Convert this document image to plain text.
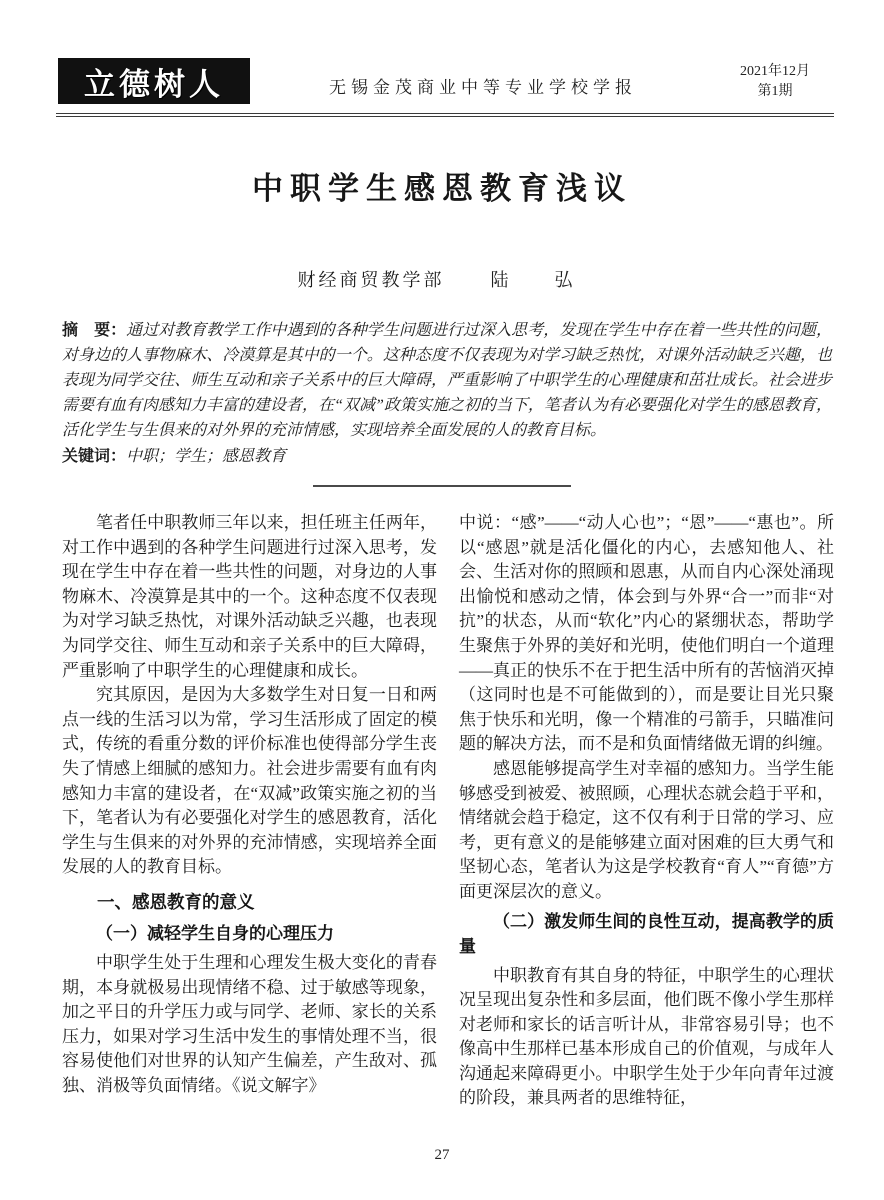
立德树人	无锡金茂商业中等专业学校学报
2021年12月
第1期
中职学生感恩教育浅议
财经商贸教学部	陆　弘

摘　要：通过对教育教学工作中遇到的各种学生问题进行过深入思考，发现在学生中存在着一些共性的问题，对身边的人事物麻木、冷漠算是其中的一个。这种态度不仅表现为对学习缺乏热忱，对课外活动缺乏兴趣，也表现为同学交往、师生互动和亲子关系中的巨大障碍，严重影响了中职学生的心理健康和茁壮成长。社会进步需要有血有肉感知力丰富的建设者，在“双减”政策实施之初的当下，笔者认为有必要强化对学生的感恩教育，活化学生与生俱来的对外界的充沛情感，实现培养全面发展的人的教育目标。

关键词：中职；学生；感恩教育

笔者任中职教师三年以来，担任班主任两年，对工作中遇到的各种学生问题进行过深入思考，发现在学生中存在着一些共性的问题，对身边的人事物麻木、冷漠算是其中的一个。这种态度不仅表现为对学习缺乏热忱，对课外活动缺乏兴趣，也表现为同学交往、师生互动和亲子关系中的巨大障碍，严重影响了中职学生的心理健康和成长。

究其原因，是因为大多数学生对日复一日和两点一线的生活习以为常，学习生活形成了固定的模式，传统的看重分数的评价标准也使得部分学生丧失了情感上细腻的感知力。社会进步需要有血有肉感知力丰富的建设者，在“双减”政策实施之初的当下，笔者认为有必要强化对学生的感恩教育，活化学生与生俱来的对外界的充沛情感，实现培养全面发展的人的教育目标。

一、感恩教育的意义
（一）减轻学生自身的心理压力

中职学生处于生理和心理发生极大变化的青春期，本身就极易出现情绪不稳、过于敏感等现象，加之平日的升学压力或与同学、老师、家长的关系压力，如果对学习生活中发生的事情处理不当，很容易使他们对世界的认知产生偏差，产生敌对、孤独、消极等负面情绪。《说文解字》

中说：“感”——“动人心也”；“恩”——“惠也”。所以“感恩”就是活化僵化的内心，去感知他人、社会、生活对你的照顾和恩惠，从而自内心深处涌现出愉悦和感动之情，体会到与外界“合一”而非“对抗”的状态，从而“软化”内心的紧绷状态，帮助学生聚焦于外界的美好和光明，使他们明白一个道理——真正的快乐不在于把生活中所有的苦恼消灭掉（这同时也是不可能做到的），而是要让目光只聚焦于快乐和光明，像一个精准的弓箭手，只瞄准问题的解决方法，而不是和负面情绪做无谓的纠缠。

感恩能够提高学生对幸福的感知力。当学生能够感受到被爱、被照顾，心理状态就会趋于平和，情绪就会趋于稳定，这不仅有利于日常的学习、应考，更有意义的是能够建立面对困难的巨大勇气和坚韧心态，笔者认为这是学校教育“育人”“育德”方面更深层次的意义。

（二）激发师生间的良性互动，提高教学的质量

中职教育有其自身的特征，中职学生的心理状况呈现出复杂性和多层面，他们既不像小学生那样对老师和家长的话言听计从，非常容易引导；也不像高中生那样已基本形成自己的价值观，与成年人沟通起来障碍更小。中职学生处于少年向青年过渡的阶段，兼具两者的思维特征，

27
